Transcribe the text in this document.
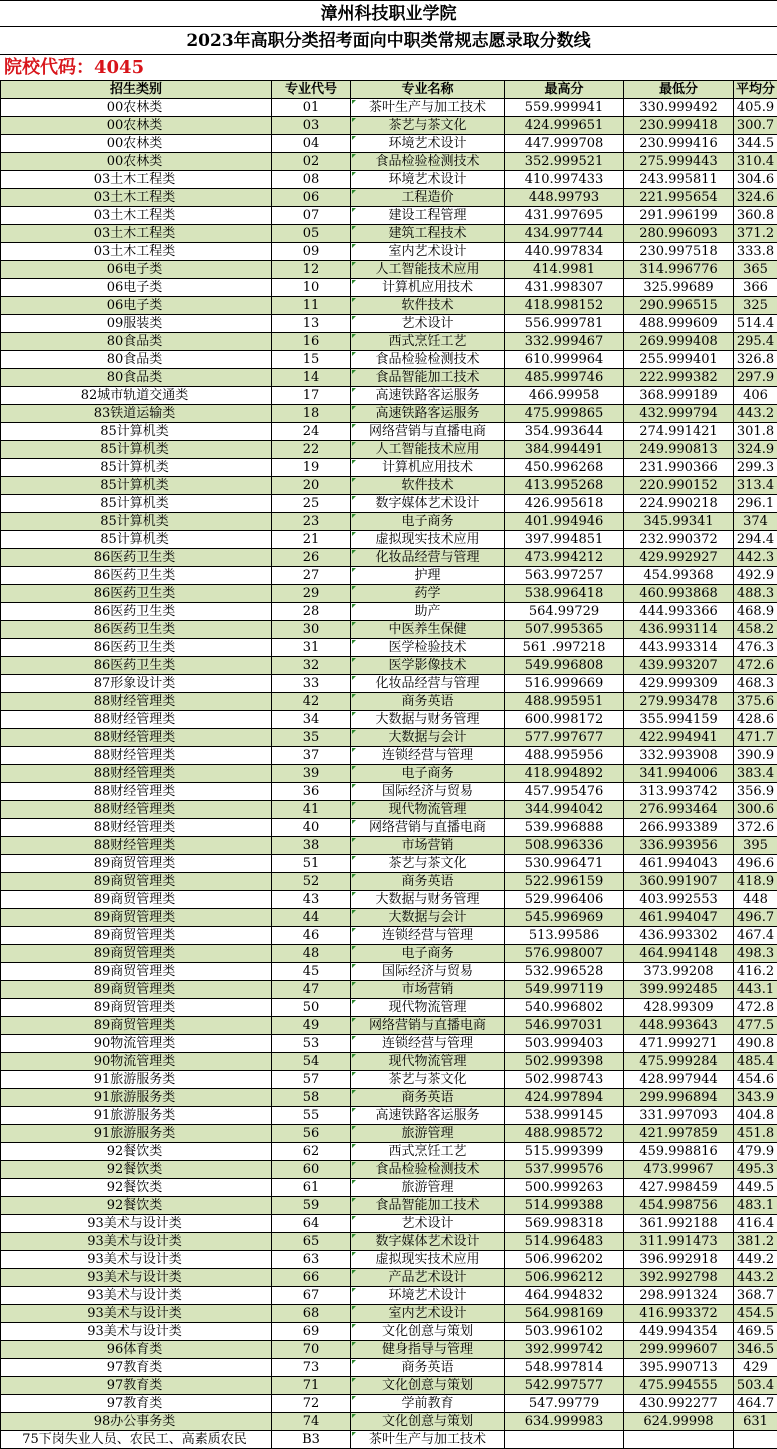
漳州科技职业学院
2023年高职分类招考面向中职类常规志愿录取分数线
院校代码：4045
招生类别	专业代号	专业名称	最高分	最低分	平均分
00农林类	01	茶叶生产与加工技术	559.999941	330.999492	405.9
00农林类	03	茶艺与茶文化	424.999651	230.999418	300.7
00农林类	04	环境艺术设计	447.999708	230.999416	344.5
00农林类	02	食品检验检测技术	352.999521	275.999443	310.4
03土木工程类	08	环境艺术设计	410.997433	243.995811	304.6
03土木工程类	06	工程造价	448.99793	221.995654	324.6
03土木工程类	07	建设工程管理	431.997695	291.996199	360.8
03土木工程类	05	建筑工程技术	434.997744	280.996093	371.2
03土木工程类	09	室内艺术设计	440.997834	230.997518	333.8
06电子类	12	人工智能技术应用	414.9981	314.996776	365
06电子类	10	计算机应用技术	431.998307	325.99689	366
06电子类	11	软件技术	418.998152	290.996515	325
09服装类	13	艺术设计	556.999781	488.999609	514.4
80食品类	16	西式烹饪工艺	332.999467	269.999408	295.4
80食品类	15	食品检验检测技术	610.999964	255.999401	326.8
80食品类	14	食品智能加工技术	485.999746	222.999382	297.9
82城市轨道交通类	17	高速铁路客运服务	466.99958	368.999189	406
83铁道运输类	18	高速铁路客运服务	475.999865	432.999794	443.2
85计算机类	24	网络营销与直播电商	354.993644	274.991421	301.8
85计算机类	22	人工智能技术应用	384.994491	249.990813	324.9
85计算机类	19	计算机应用技术	450.996268	231.990366	299.3
85计算机类	20	软件技术	413.995268	220.990152	313.4
85计算机类	25	数字媒体艺术设计	426.995618	224.990218	296.1
85计算机类	23	电子商务	401.994946	345.99341	374
85计算机类	21	虚拟现实技术应用	397.994851	232.990372	294.4
86医药卫生类	26	化妆品经营与管理	473.994212	429.992927	442.3
86医药卫生类	27	护理	563.997257	454.99368	492.9
86医药卫生类	29	药学	538.996418	460.993868	488.3
86医药卫生类	28	助产	564.99729	444.993366	468.9
86医药卫生类	30	中医养生保健	507.995365	436.993114	458.2
86医药卫生类	31	医学检验技术	561 .997218	443.993314	476.3
86医药卫生类	32	医学影像技术	549.996808	439.993207	472.6
87形象设计类	33	化妆品经营与管理	516.999669	429.999309	468.3
88财经管理类	42	商务英语	488.995951	279.993478	375.6
88财经管理类	34	大数据与财务管理	600.998172	355.994159	428.6
88财经管理类	35	大数据与会计	577.997677	422.994941	471.7
88财经管理类	37	连锁经营与管理	488.995956	332.993908	390.9
88财经管理类	39	电子商务	418.994892	341.994006	383.4
88财经管理类	36	国际经济与贸易	457.995476	313.993742	356.9
88财经管理类	41	现代物流管理	344.994042	276.993464	300.6
88财经管理类	40	网络营销与直播电商	539.996888	266.993389	372.6
88财经管理类	38	市场营销	508.996336	336.993956	395
89商贸管理类	51	茶艺与茶文化	530.996471	461.994043	496.6
89商贸管理类	52	商务英语	522.996159	360.991907	418.9
89商贸管理类	43	大数据与财务管理	529.996406	403.992553	448
89商贸管理类	44	大数据与会计	545.996969	461.994047	496.7
89商贸管理类	46	连锁经营与管理	513.99586	436.993302	467.4
89商贸管理类	48	电子商务	576.998007	464.994148	498.3
89商贸管理类	45	国际经济与贸易	532.996528	373.99208	416.2
89商贸管理类	47	市场营销	549.997119	399.992485	443.1
89商贸管理类	50	现代物流管理	540.996802	428.99309	472.8
89商贸管理类	49	网络营销与直播电商	546.997031	448.993643	477.5
90物流管理类	53	连锁经营与管理	503.999403	471.999271	490.8
90物流管理类	54	现代物流管理	502.999398	475.999284	485.4
91旅游服务类	57	茶艺与茶文化	502.998743	428.997944	454.6
91旅游服务类	58	商务英语	424.997894	299.996894	343.9
91旅游服务类	55	高速铁路客运服务	538.999145	331.997093	404.8
91旅游服务类	56	旅游管理	488.998572	421.997859	451.8
92餐饮类	62	西式烹饪工艺	515.999399	459.998816	479.9
92餐饮类	60	食品检验检测技术	537.999576	473.99967	495.3
92餐饮类	61	旅游管理	500.999263	427.998459	449.5
92餐饮类	59	食品智能加工技术	514.999388	454.998756	483.1
93美术与设计类	64	艺术设计	569.998318	361.992188	416.4
93美术与设计类	65	数字媒体艺术设计	514.996483	311.991473	381.2
93美术与设计类	63	虚拟现实技术应用	506.996202	396.992918	449.2
93美术与设计类	66	产品艺术设计	506.996212	392.992798	443.2
93美术与设计类	67	环境艺术设计	464.994832	298.991324	368.7
93美术与设计类	68	室内艺术设计	564.998169	416.993372	454.5
93美术与设计类	69	文化创意与策划	503.996102	449.994354	469.5
96体育类	70	健身指导与管理	392.999742	299.999607	346.5
97教育类	73	商务英语	548.997814	395.990713	429
97教育类	71	文化创意与策划	542.997577	475.994555	503.4
97教育类	72	学前教育	547.99779	430.992277	464.7
98办公事务类	74	文化创意与策划	634.999983	624.99998	631
75下岗失业人员、农民工、高素质农民	B3	茶叶生产与加工技术			
